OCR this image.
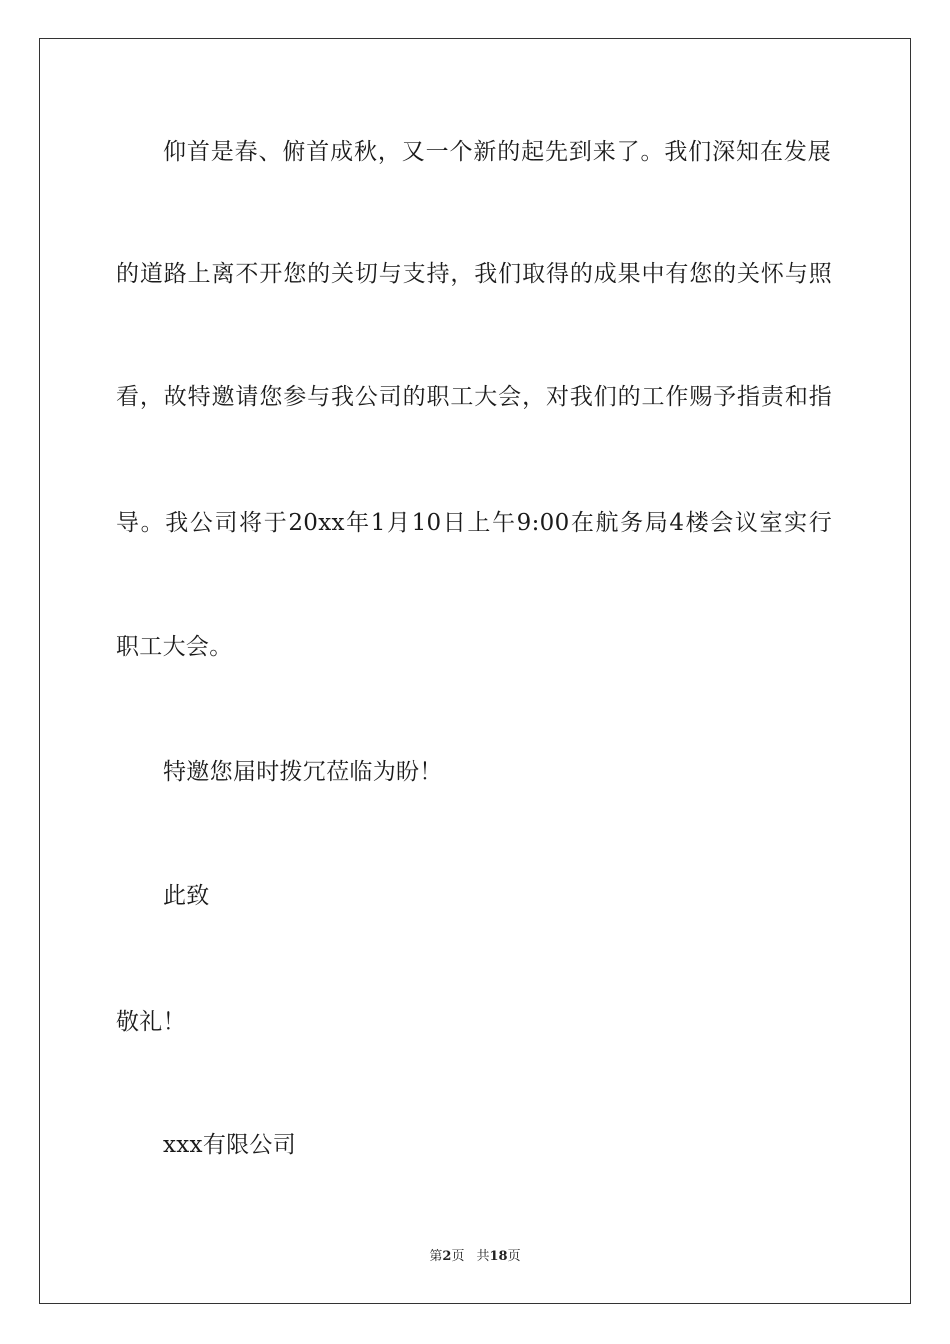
仰首是春、俯首成秋，又一个新的起先到来了。我们深知在发展
的道路上离不开您的关切与支持，我们取得的成果中有您的关怀与照
看，故特邀请您参与我公司的职工大会，对我们的工作赐予指责和指
导。我公司将于20xx年1月10日上午9:00在航务局4楼会议室实行
职工大会。
特邀您届时拨冗莅临为盼！
此致
敬礼！
xxx有限公司
第2页 共18页
